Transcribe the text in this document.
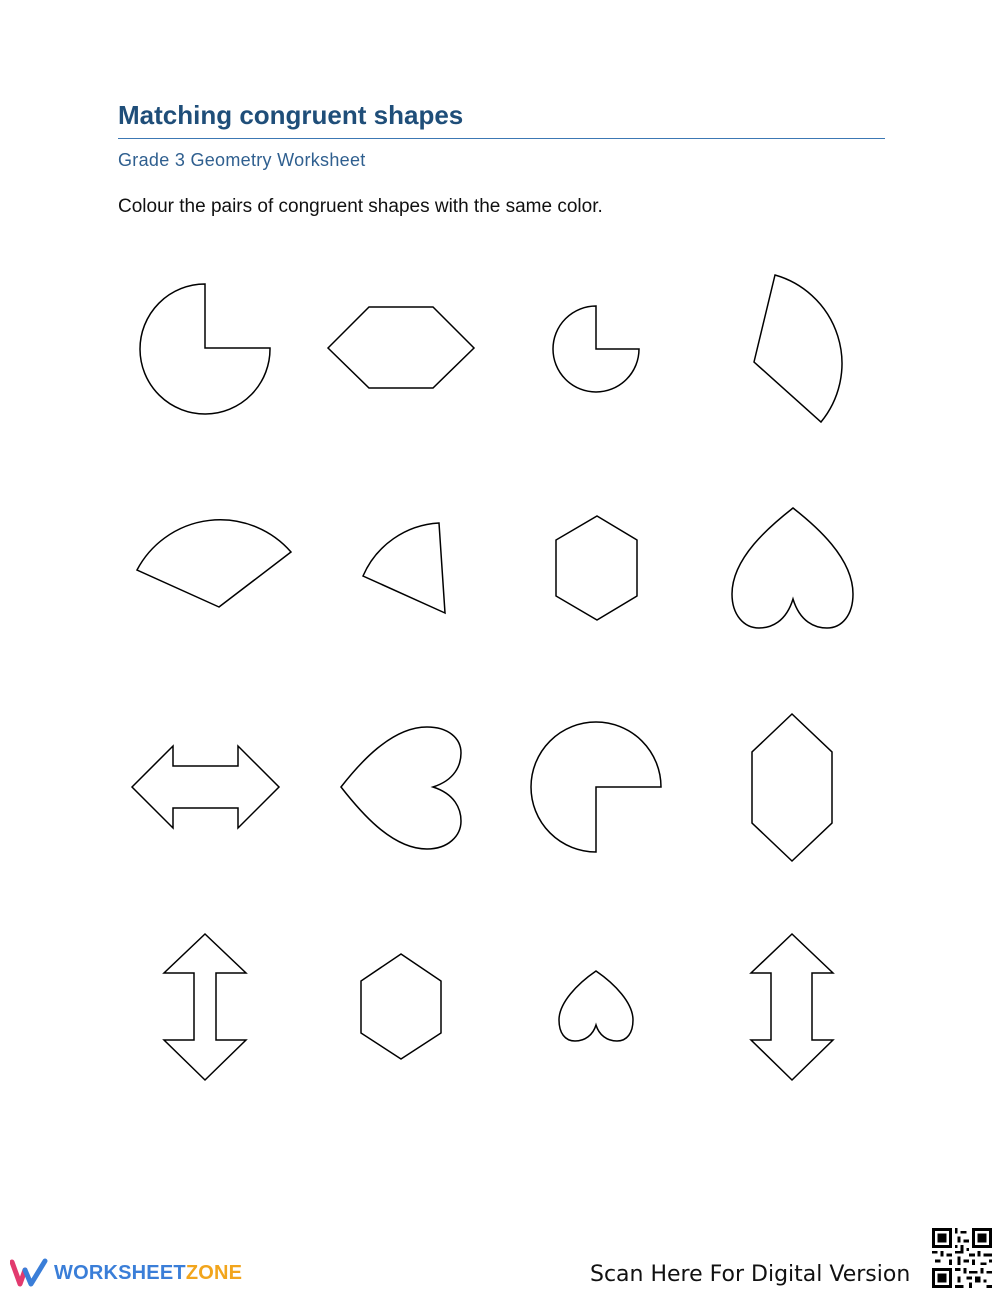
Matching congruent shapes
Grade 3 Geometry Worksheet
Colour the pairs of congruent shapes with the same color.
WORKSHEETZONE	Scan Here For Digital Version
